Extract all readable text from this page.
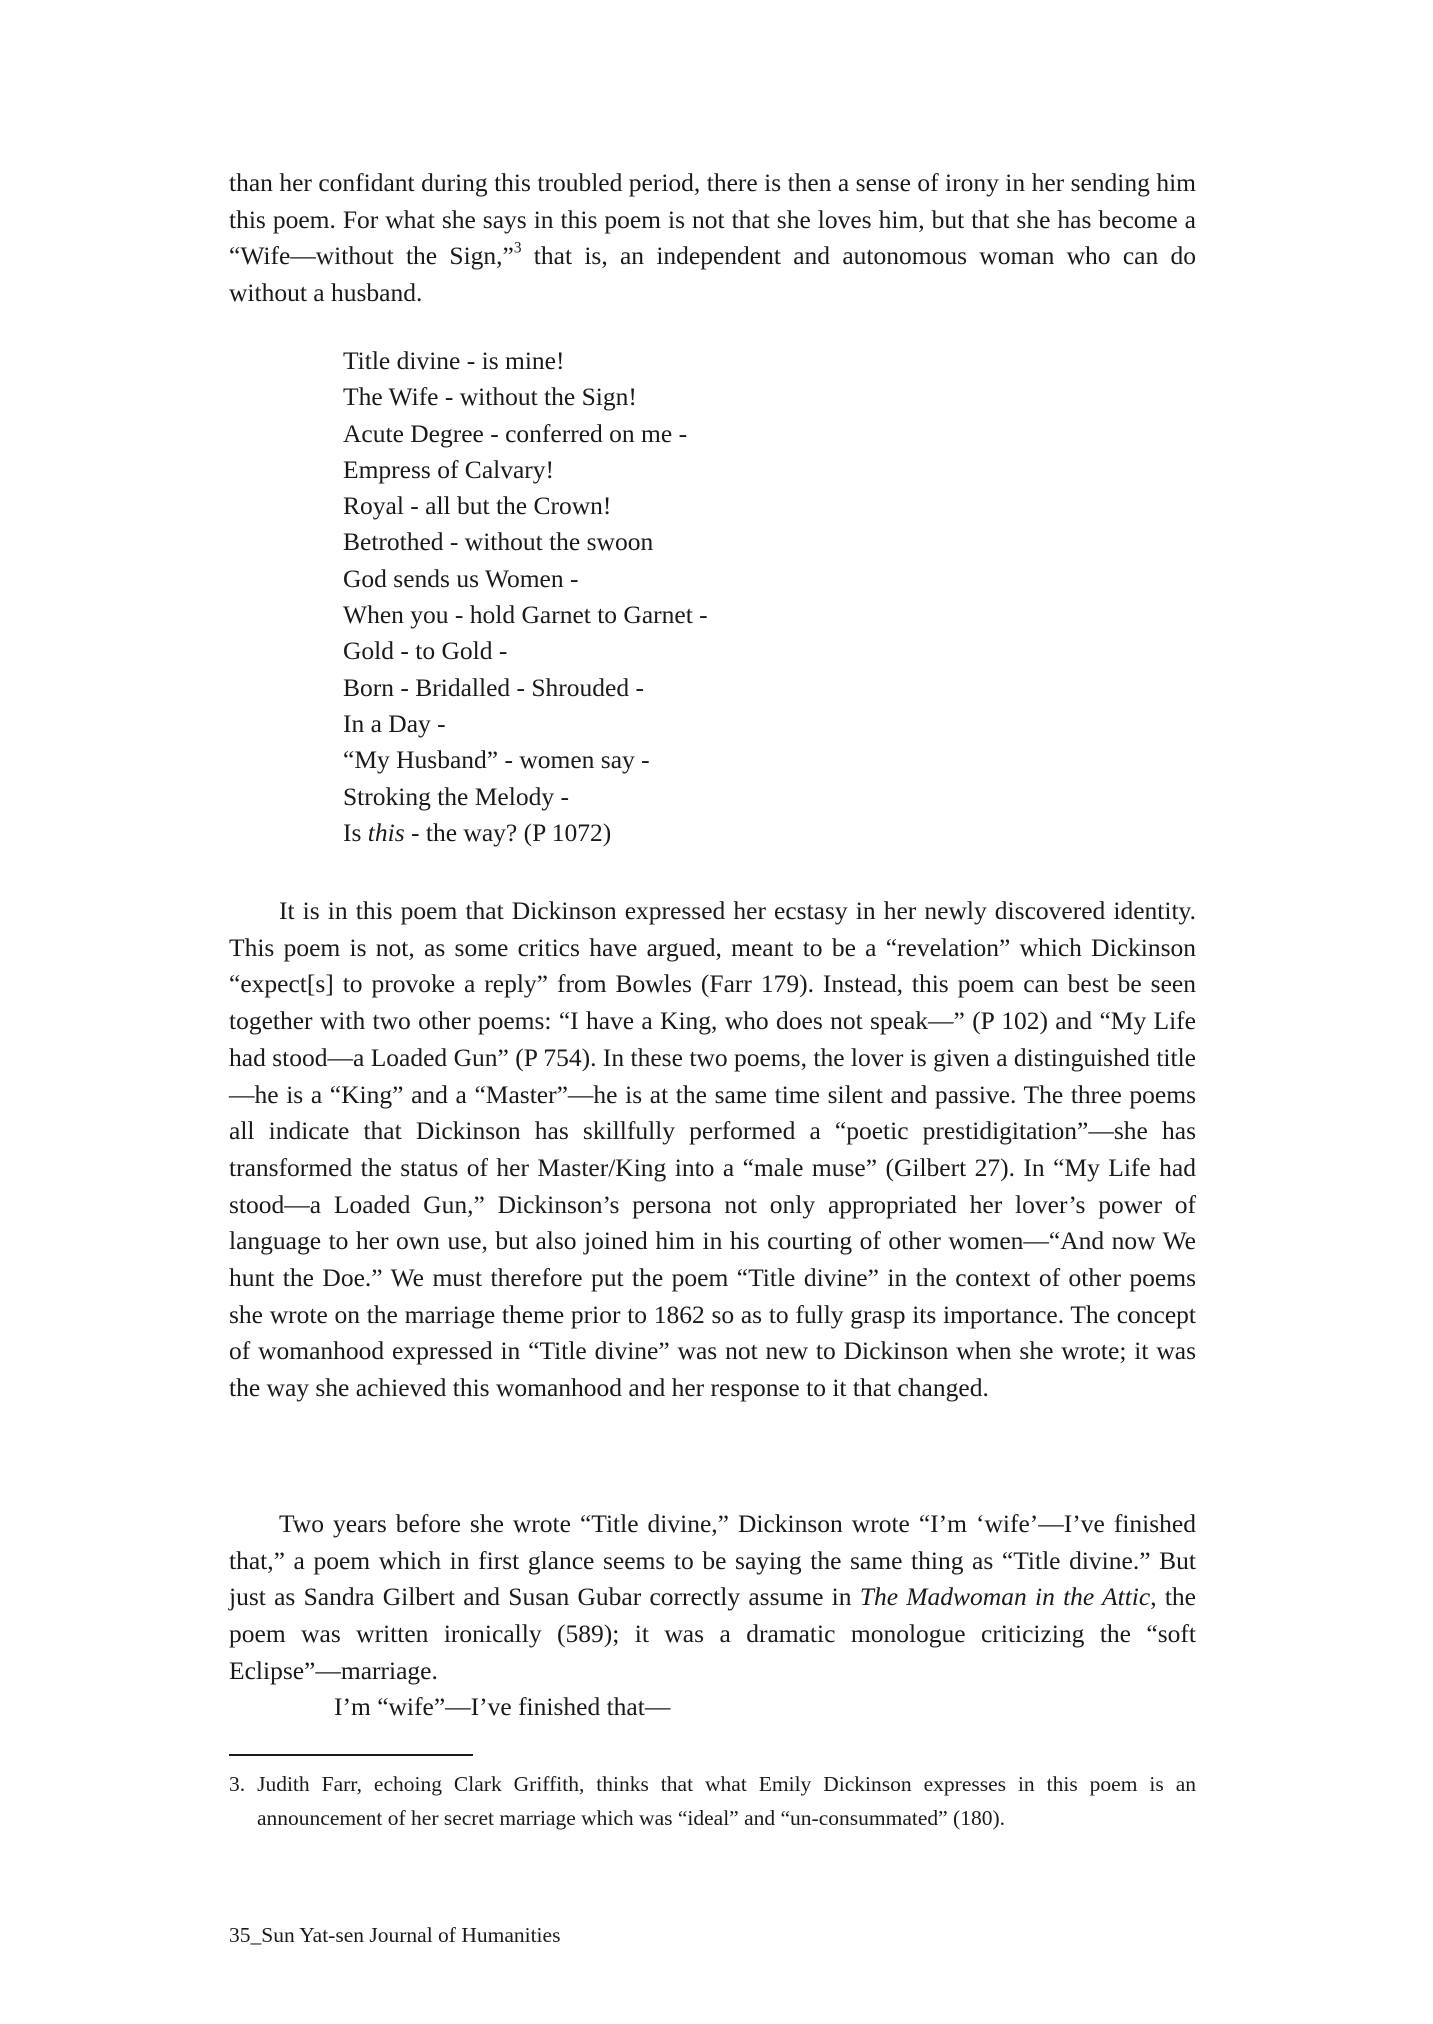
than her confidant during this troubled period, there is then a sense of irony in her sending him this poem. For what she says in this poem is not that she loves him, but that she has become a “Wife—without the Sign,”$^3$ that is, an independent and autonomous woman who can do without a husband.

Title divine - is mine!
The Wife - without the Sign!
Acute Degree - conferred on me -
Empress of Calvary!
Royal - all but the Crown!
Betrothed - without the swoon
God sends us Women -
When you - hold Garnet to Garnet -
Gold - to Gold -
Born - Bridalled - Shrouded -
In a Day -
“My Husband” - women say -
Stroking the Melody -
Is this - the way? (P 1072)

It is in this poem that Dickinson expressed her ecstasy in her newly discovered identity. This poem is not, as some critics have argued, meant to be a “revelation” which Dickinson “expect[s] to provoke a reply” from Bowles (Farr 179). Instead, this poem can best be seen together with two other poems: “I have a King, who does not speak—” (P 102) and “My Life had stood—a Loaded Gun” (P 754). In these two poems, the lover is given a distinguished title—he is a “King” and a “Master”—he is at the same time silent and passive. The three poems all indicate that Dickinson has skillfully performed a “poetic prestidigitation”—she has transformed the status of her Master/King into a “male muse” (Gilbert 27). In “My Life had stood—a Loaded Gun,” Dickinson’s persona not only appropriated her lover’s power of language to her own use, but also joined him in his courting of other women—“And now We hunt the Doe.” We must therefore put the poem “Title divine” in the context of other poems she wrote on the marriage theme prior to 1862 so as to fully grasp its importance. The concept of womanhood expressed in “Title divine” was not new to Dickinson when she wrote; it was the way she achieved this womanhood and her response to it that changed.

Two years before she wrote “Title divine,” Dickinson wrote “I’m ‘wife’—I’ve finished that,” a poem which in first glance seems to be saying the same thing as “Title divine.” But just as Sandra Gilbert and Susan Gubar correctly assume in The Madwoman in the Attic, the poem was written ironically (589); it was a dramatic monologue criticizing the “soft Eclipse”—marriage.

I’m “wife”—I’ve finished that—
3. Judith Farr, echoing Clark Griffith, thinks that what Emily Dickinson expresses in this poem is an announcement of her secret marriage which was “ideal” and “un-consummated” (180).
35_Sun Yat-sen Journal of Humanities
